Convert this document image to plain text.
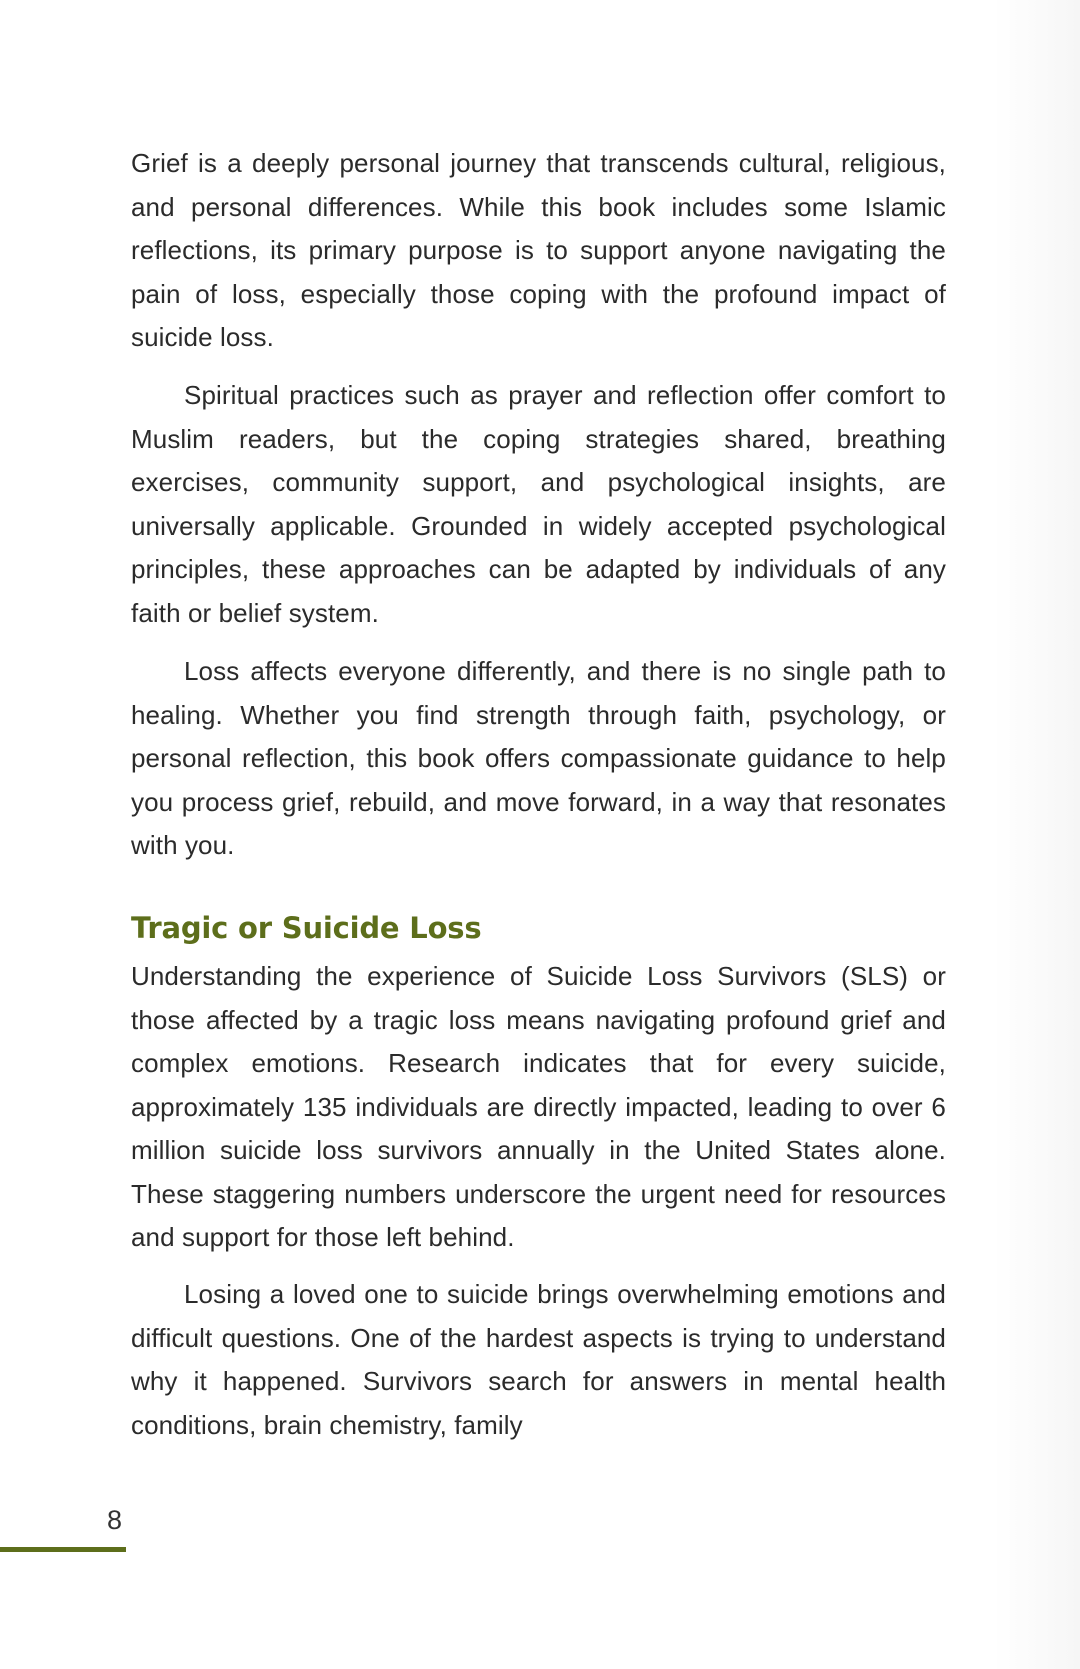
Grief is a deeply personal journey that transcends cultural, religious, and personal differences. While this book includes some Islamic reflections, its primary purpose is to support anyone navigating the pain of loss, especially those coping with the profound impact of suicide loss.

Spiritual practices such as prayer and reflection offer comfort to Muslim readers, but the coping strategies shared, breathing exercises, community support, and psychological insights, are universally applicable. Grounded in widely accepted psychological principles, these approaches can be adapted by individuals of any faith or belief system.

Loss affects everyone differently, and there is no single path to healing. Whether you find strength through faith, psychology, or personal reflection, this book offers compassionate guidance to help you process grief, rebuild, and move forward, in a way that resonates with you.

Tragic or Suicide Loss

Understanding the experience of Suicide Loss Survivors (SLS) or those affected by a tragic loss means navigating profound grief and complex emotions. Research indicates that for every suicide, approximately 135 individuals are directly impacted, leading to over 6 million suicide loss survivors annually in the United States alone. These staggering numbers underscore the urgent need for resources and support for those left behind.

Losing a loved one to suicide brings overwhelming emotions and difficult questions. One of the hardest aspects is trying to understand why it happened. Survivors search for answers in mental health conditions, brain chemistry, family

8
